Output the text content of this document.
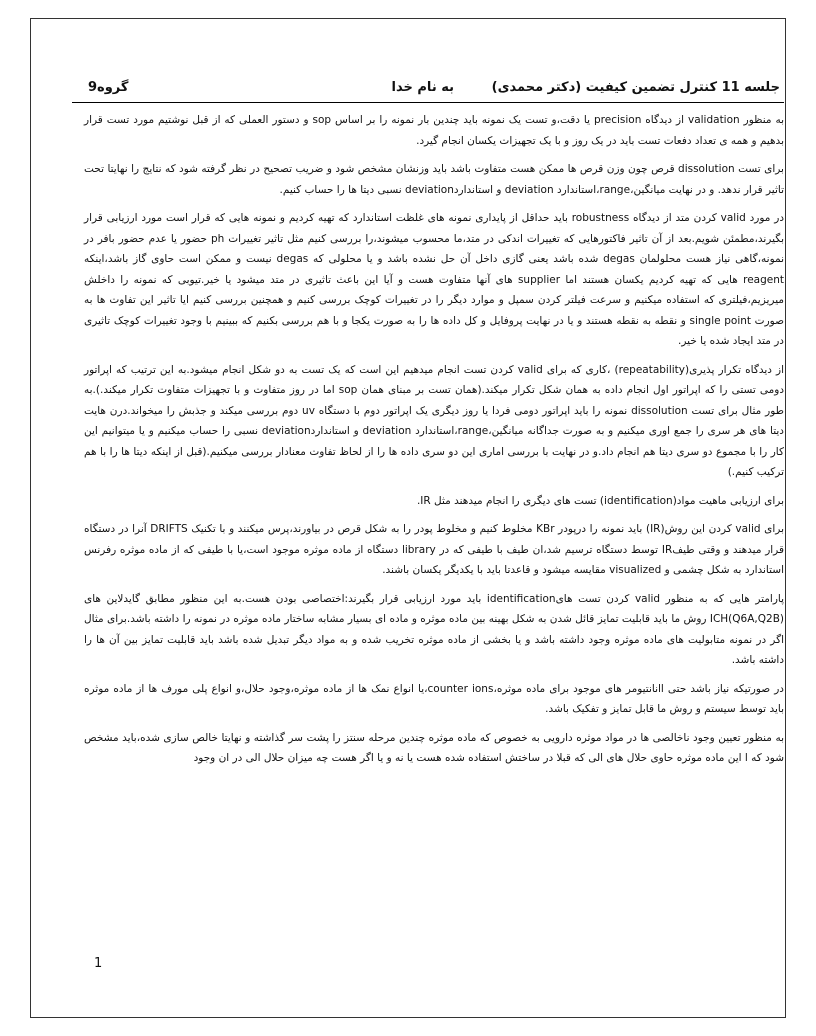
جلسه 11 کنترل تضمین کیفیت (دکتر محمدی)
به نام خدا
گروه9

به منظور validation از دیدگاه precision یا دقت،و تست یک نمونه باید چندین بار نمونه را بر اساس sop و دستور العملی که از قبل نوشتیم مورد تست قرار بدهیم و همه ی تعداد دفعات تست باید در یک روز و با یک تجهیزات یکسان انجام گیرد.

برای تست dissolution قرص چون وزن قرص ها ممکن هست متفاوت باشد باید وزنشان مشخص شود و ضریب تصحیح در نظر گرفته شود که نتایج را نهایتا تحت تاثیر قرار ندهد. و در نهایت میانگین،range،استاندارد deviation و استانداردdeviation نسبی دیتا ها را حساب کنیم.

در مورد valid کردن متد از دیدگاه robustness باید حداقل از پایداری نمونه های غلظت استاندارد که تهیه کردیم و نمونه هایی که قرار است مورد ارزیابی قرار بگیرند،مطمئن شویم.بعد از آن تاثیر فاکتورهایی که تغییرات اندکی در متد،ما محسوب میشوند،را بررسی کنیم مثل تاثیر تغییرات ph حضور یا عدم حضور بافر در نمونه،گاهی نیاز هست محلولمان degas شده باشد یعنی گازی داخل آن حل نشده باشد و یا محلولی که degas نیست و ممکن است حاوی گاز باشد،اینکه reagent هایی که تهیه کردیم یکسان هستند اما supplier های آنها متفاوت هست و آیا این باعث تاثیری در متد میشود یا خیر.تیوبی که نمونه را داخلش میریزیم،فیلتری که استفاده میکنیم و سرعت فیلتر کردن سمپل و موارد دیگر را در تغییرات کوچک بررسی کنیم و همچنین بررسی کنیم ایا تاثیر این تفاوت ها به صورت single point و نقطه به نقطه هستند و یا در نهایت پروفایل و کل داده ها را به صورت یکجا و با هم بررسی بکنیم که ببینیم با وجود تغییرات کوچک تاثیری در متد ایجاد شده یا خیر.

از دیدگاه تکرار پذیری(repeatability) ،کاری که برای valid کردن تست انجام میدهیم این است که یک تست به دو شکل انجام میشود.به این ترتیب که اپراتور دومی تستی را که اپراتور اول انجام داده به همان شکل تکرار میکند.(همان تست بر مبنای همان sop اما در روز متفاوت و با تجهیزات متفاوت تکرار میکند.).به طور مثال برای تست dissolution نمونه را باید اپراتور دومی فردا یا روز دیگری یک اپراتور دوم با دستگاه uv دوم بررسی میکند و جذبش را میخواند.درن هایت دیتا های هر سری را جمع اوری میکنیم و به صورت جداگانه میانگین،range،استاندارد deviation و استانداردdeviation نسبی را حساب میکنیم و یا میتوانیم این کار را با مجموع دو سری دیتا هم انجام داد.و در نهایت با بررسی اماری این دو سری داده ها را از لحاظ تفاوت معنادار بررسی میکنیم.(قبل از اینکه دیتا ها را با هم ترکیب کنیم.)

برای ارزیابی ماهیت مواد(identification) تست های دیگری را انجام میدهند مثل IR.

برای valid کردن این روش(IR) باید نمونه را درپودر KBr مخلوط کنیم و مخلوط پودر را به شکل قرص در بیاورند،پرس میکنند و با تکنیک DRIFTS آنرا در دستگاه قرار میدهند و وقتی طیفIR توسط دستگاه ترسیم شد،ان طیف با طیفی که در library دستگاه از ماده موثره موجود است،یا با طیفی که از ماده موثره رفرنس استاندارد به شکل چشمی و visualized مقایسه میشود و قاعدتا باید با یکدیگر یکسان باشند.

پارامتر هایی که به منظور valid کردن تست هایidentification باید مورد ارزیابی قرار بگیرند:اختصاصی بودن هست.به این منظور مطابق گایدلاین های ICH(Q6A,Q2B) روش ما باید قابلیت تمایز قائل شدن به شکل بهینه بین ماده موثره و ماده ای بسیار مشابه ساختار ماده موثره در نمونه را داشته باشد.برای مثال اگر در نمونه متابولیت های ماده موثره وجود داشته باشد و یا بخشی از ماده موثره تخریب شده و به مواد دیگر تبدیل شده باشد باید قابلیت تمایز بین آن ها را داشته باشد.

در صورتیکه نیاز باشد حتی اانانتیومر های موجود برای ماده موثره،counter ions،یا انواع نمک ها از ماده موثره،وجود حلال،و انواع پلی مورف ها از ماده موثره باید توسط سیستم و روش ما قابل تمایز و تفکیک باشد.

به منظور تعیین وجود ناخالصی ها در مواد موثره دارویی به خصوص که ماده موثره چندین مرحله سنتز را پشت سر گذاشته و نهایتا خالص سازی شده،باید مشخص شود که ا این ماده موثره حاوی حلال های الی که قبلا در ساختش استفاده شده هست یا نه و یا اگر هست چه میزان حلال الی در ان وجود

1
